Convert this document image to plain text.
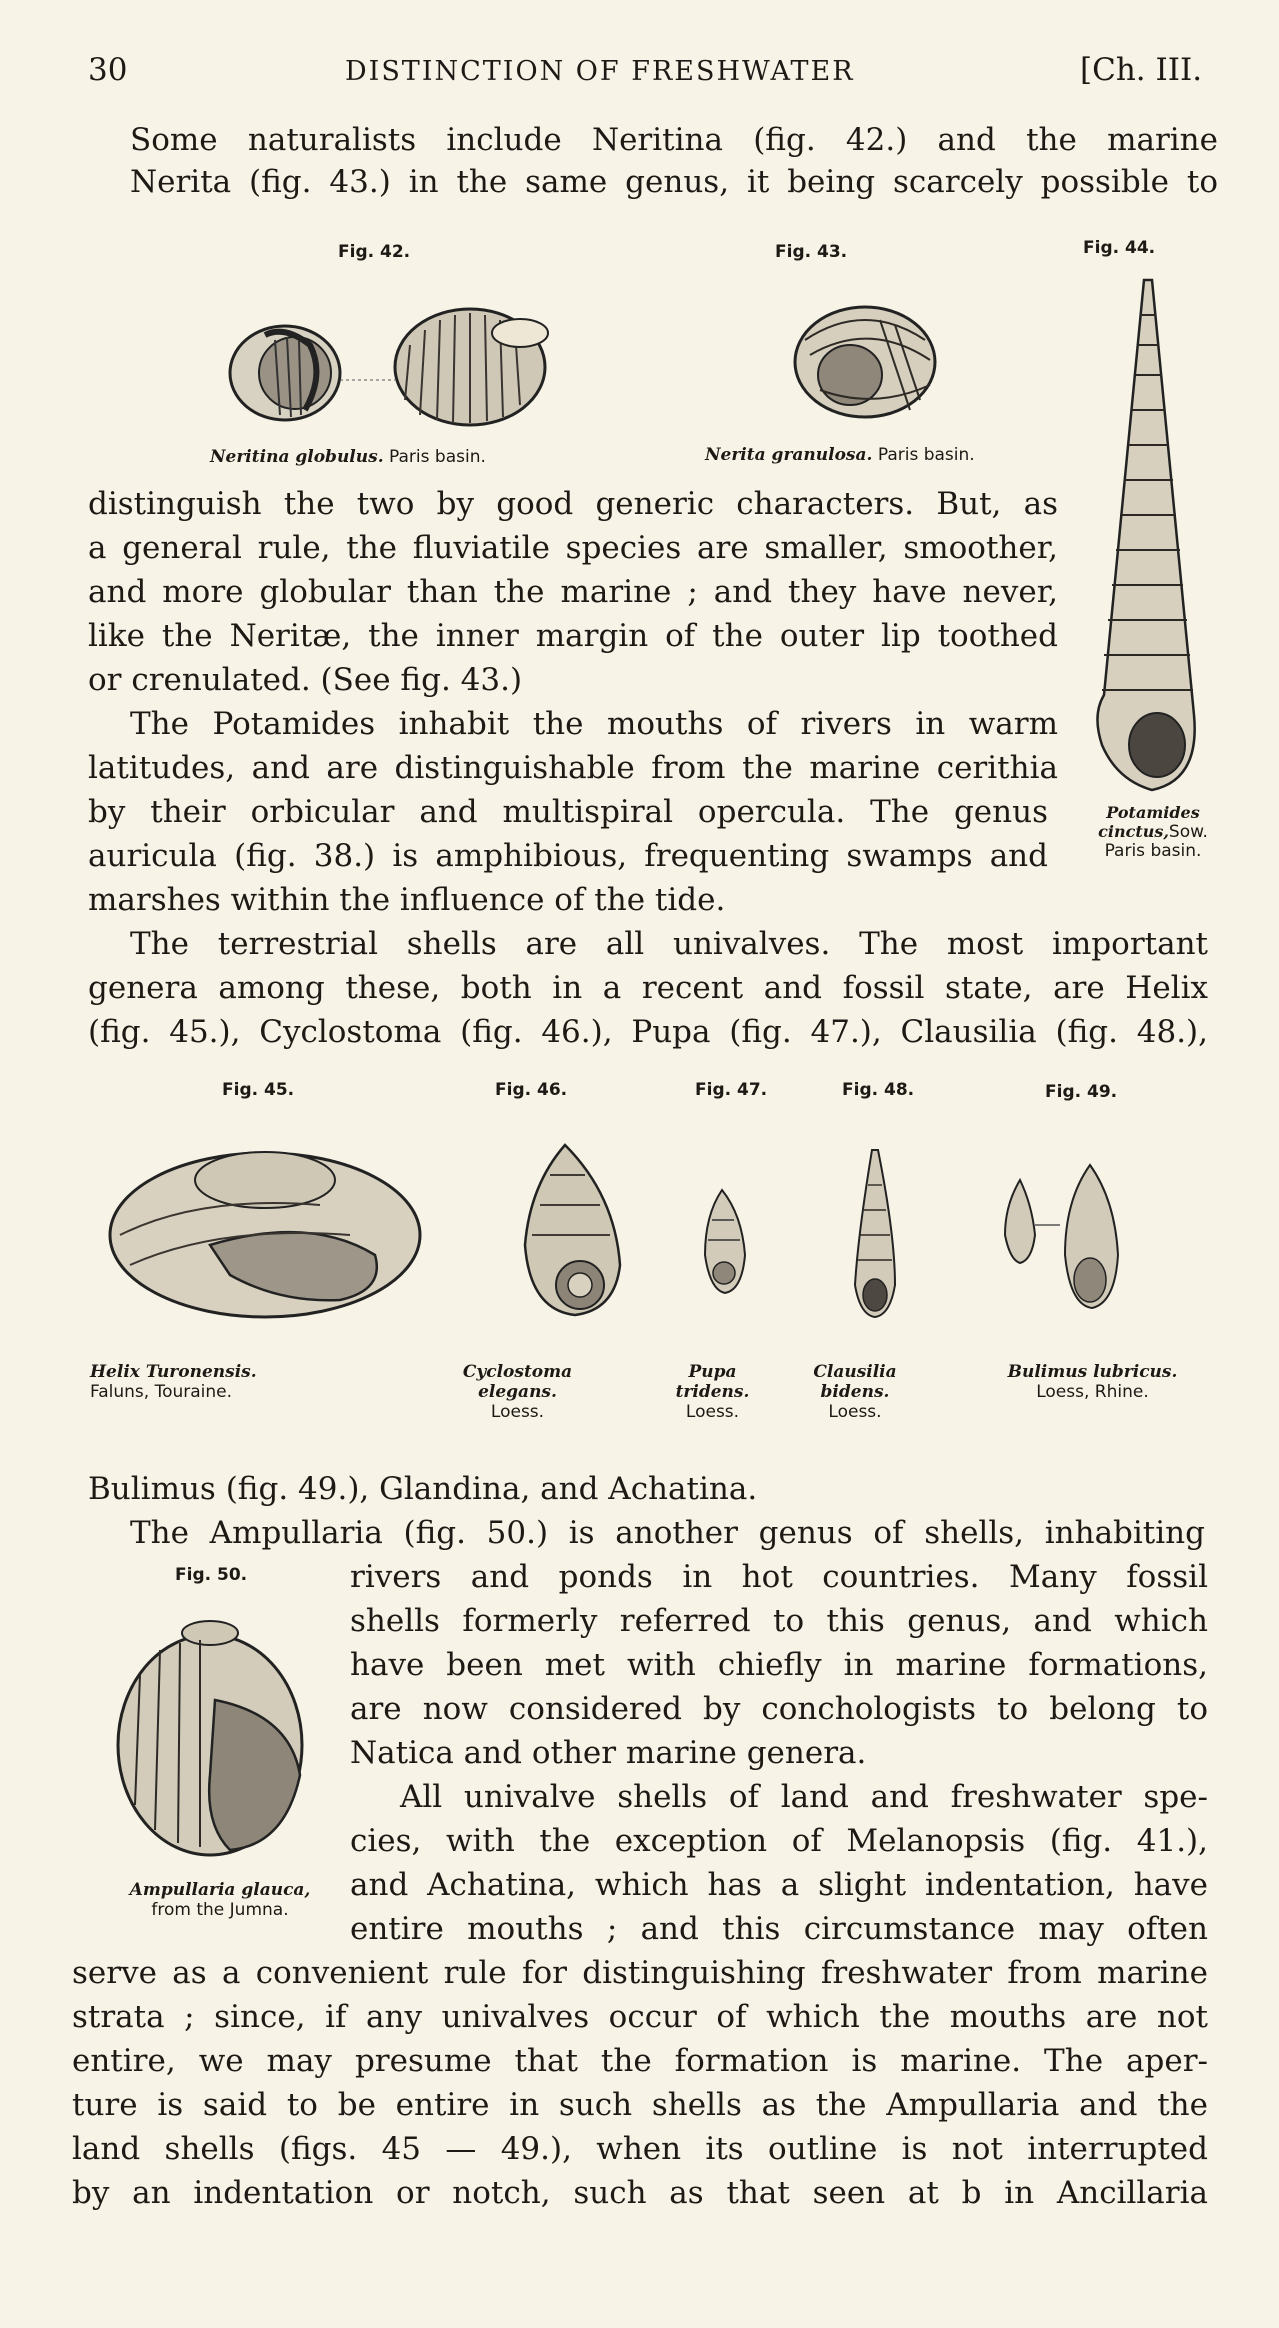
30	DISTINCTION OF FRESHWATER	[Ch. III.
Some naturalists include Neritina (fig. 42.) and the marine
Nerita (fig. 43.) in the same genus, it being scarcely possible to
Fig. 42.	Fig. 43.	Fig. 44.
Neritina globulus. Paris basin.	Nerita granulosa. Paris basin.
distinguish the two by good generic characters. But, as
a general rule, the fluviatile species are smaller, smoother,
and more globular than the marine ; and they have never,
like the Neritæ, the inner margin of the outer lip toothed
or crenulated. (See fig. 43.)
The Potamides inhabit the mouths of rivers in warm
latitudes, and are distinguishable from the marine cerithia
by their orbicular and multispiral opercula. The genus
auricula (fig. 38.) is amphibious, frequenting swamps and
Potamides
cinctus,Sow.
Paris basin.
marshes within the influence of the tide.
The terrestrial shells are all univalves. The most important
genera among these, both in a recent and fossil state, are Helix
(fig. 45.), Cyclostoma (fig. 46.), Pupa (fig. 47.), Clausilia (fig. 48.),
Fig. 45.	Fig. 46.	Fig. 47.	Fig. 48.	Fig. 49.
Helix Turonensis.
Faluns, Touraine.
Cyclostoma
elegans.
Loess.
Pupa
tridens.
Loess.
Clausilia
bidens.
Loess.
Bulimus lubricus.
Loess, Rhine.
Bulimus (fig. 49.), Glandina, and Achatina.
The Ampullaria (fig. 50.) is another genus of shells, inhabiting
Fig. 50.
Ampullaria glauca,
from the Jumna.
rivers and ponds in hot countries. Many fossil
shells formerly referred to this genus, and which
have been met with chiefly in marine formations,
are now considered by conchologists to belong to
Natica and other marine genera.
All univalve shells of land and freshwater spe-
cies, with the exception of Melanopsis (fig. 41.),
and Achatina, which has a slight indentation, have
entire mouths ; and this circumstance may often
serve as a convenient rule for distinguishing freshwater from marine
strata ; since, if any univalves occur of which the mouths are not
entire, we may presume that the formation is marine. The aper-
ture is said to be entire in such shells as the Ampullaria and the
land shells (figs. 45 — 49.), when its outline is not interrupted
by an indentation or notch, such as that seen at b in Ancillaria
